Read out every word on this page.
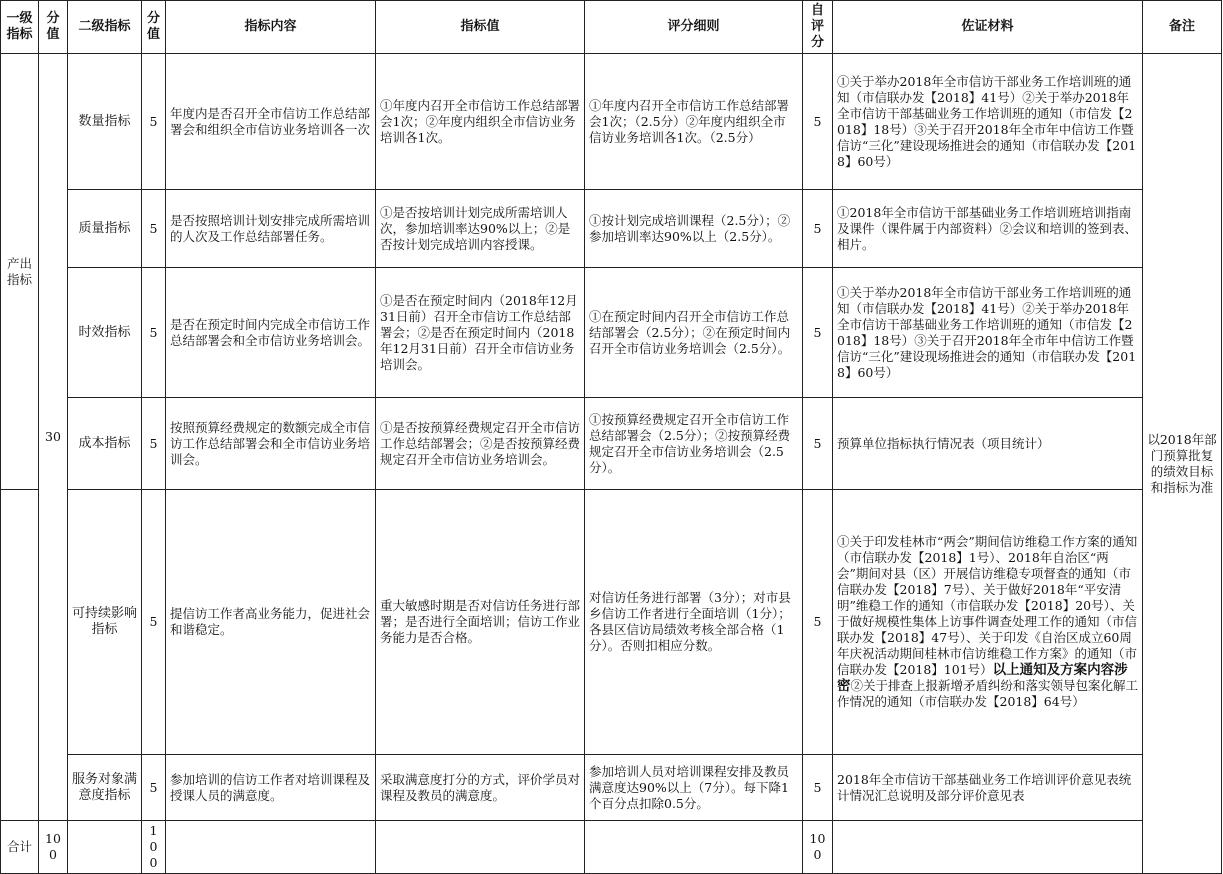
一级指标	分值	二级指标	分值	指标内容	指标值	评分细则	自评分	佐证材料	备注
产出指标	30	数量指标	5	年度内是否召开全市信访工作总结部署会和组织全市信访业务培训各一次	①年度内召开全市信访工作总结部署会1次；②年度内组织全市信访业务培训各1次。	①年度内召开全市信访工作总结部署会1次；（2.5分）②年度内组织全市信访业务培训各1次。（2.5分）	5	①关于举办2018年全市信访干部业务工作培训班的通知（市信联办发【2018】41号）②关于举办2018年全市信访干部基础业务工作培训班的通知（市信发【2018】18号）③关于召开2018年全市年中信访工作暨信访“三化”建设现场推进会的通知（市信联办发【2018】60号）	以2018年部门预算批复的绩效目标和指标为准
		质量指标	5	是否按照培训计划安排完成所需培训的人次及工作总结部署任务。	①是否按培训计划完成所需培训人次，参加培训率达90%以上；②是否按计划完成培训内容授课。	①按计划完成培训课程（2.5分）；②参加培训率达90%以上（2.5分）。	5	①2018年全市信访干部基础业务工作培训班培训指南及课件（课件属于内部资料）②会议和培训的签到表、相片。	
		时效指标	5	是否在预定时间内完成全市信访工作总结部署会和全市信访业务培训会。	①是否在预定时间内（2018年12月31日前）召开全市信访工作总结部署会；②是否在预定时间内（2018年12月31日前）召开全市信访业务培训会。	①在预定时间内召开全市信访工作总结部署会（2.5分）；②在预定时间内召开全市信访业务培训会（2.5分）。	5	①关于举办2018年全市信访干部业务工作培训班的通知（市信联办发【2018】41号）②关于举办2018年全市信访干部基础业务工作培训班的通知（市信发【2018】18号）③关于召开2018年全市年中信访工作暨信访“三化”建设现场推进会的通知（市信联办发【2018】60号）	
		成本指标	5	按照预算经费规定的数额完成全市信访工作总结部署会和全市信访业务培训会。	①是否按预算经费规定召开全市信访工作总结部署会；②是否按预算经费规定召开全市信访业务培训会。	①按预算经费规定召开全市信访工作总结部署会（2.5分）；②按预算经费规定召开全市信访业务培训会（2.5分）。	5	预算单位指标执行情况表（项目统计）	
		可持续影响指标	5	提信访工作者高业务能力，促进社会和谐稳定。	重大敏感时期是否对信访任务进行部署；是否进行全面培训；信访工作业务能力是否合格。	对信访任务进行部署（3分）；对市县乡信访工作者进行全面培训（1分）；各县区信访局绩效考核全部合格（1分）。否则扣相应分数。	5	①关于印发桂林市“两会”期间信访维稳工作方案的通知（市信联办发【2018】1号）、2018年自治区“两会”期间对县（区）开展信访维稳专项督查的通知（市信联办发【2018】7号）、关于做好2018年“平安清明”维稳工作的通知（市信联办发【2018】20号）、关于做好规模性集体上访事件调查处理工作的通知（市信联办发【2018】47号）、关于印发《自治区成立60周年庆祝活动期间桂林市信访维稳工作方案》的通知（市信联办发【2018】101号）以上通知及方案内容涉密②关于排查上报新增矛盾纠纷和落实领导包案化解工作情况的通知（市信联办发【2018】64号）	
		服务对象满意度指标	5	参加培训的信访工作者对培训课程及授课人员的满意度。	采取满意度打分的方式，评价学员对课程及教员的满意度。	参加培训人员对培训课程安排及教员满意度达90%以上（7分）。每下降1个百分点扣除0.5分。	5	2018年全市信访干部基础业务工作培训评价意见表统计情况汇总说明及部分评价意见表	
合计	100		100				100		
